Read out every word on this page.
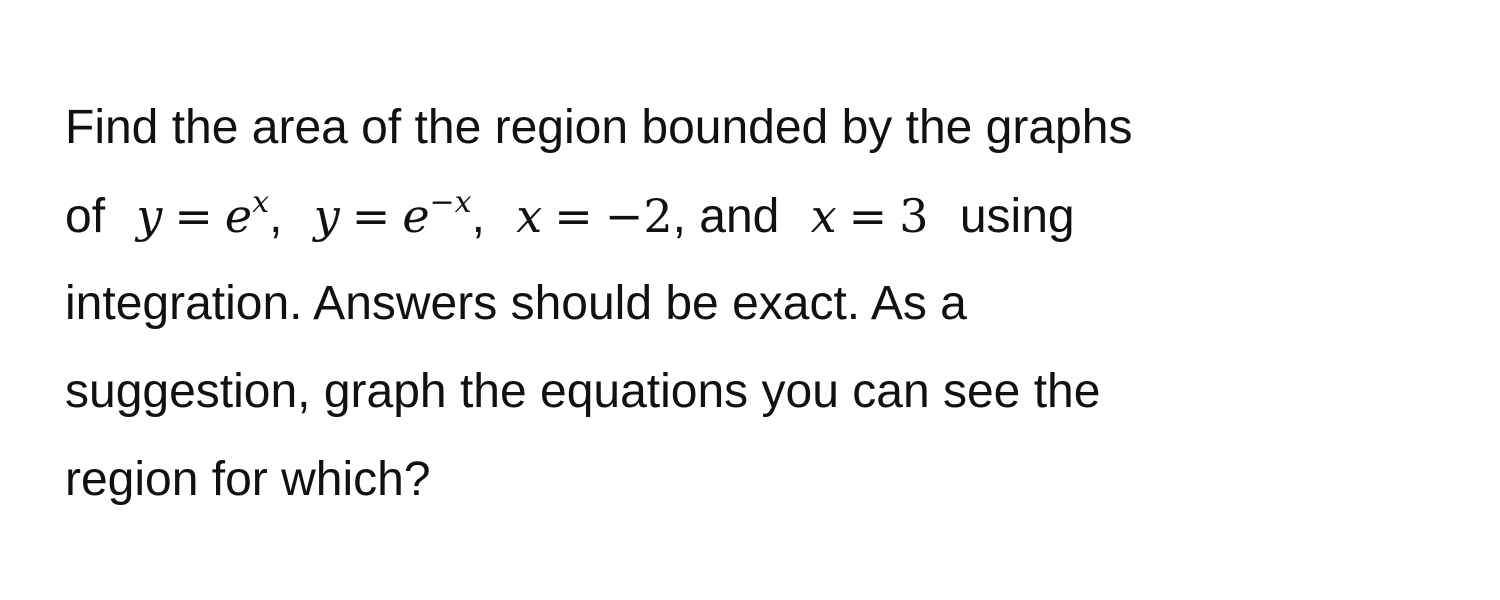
Find the area of the region bounded by the graphs
of $y = e^x$, $y = e^{-x}$, x = −2, and x = 3 using
integration. Answers should be exact. As a
suggestion, graph the equations you can see the
region for which?
